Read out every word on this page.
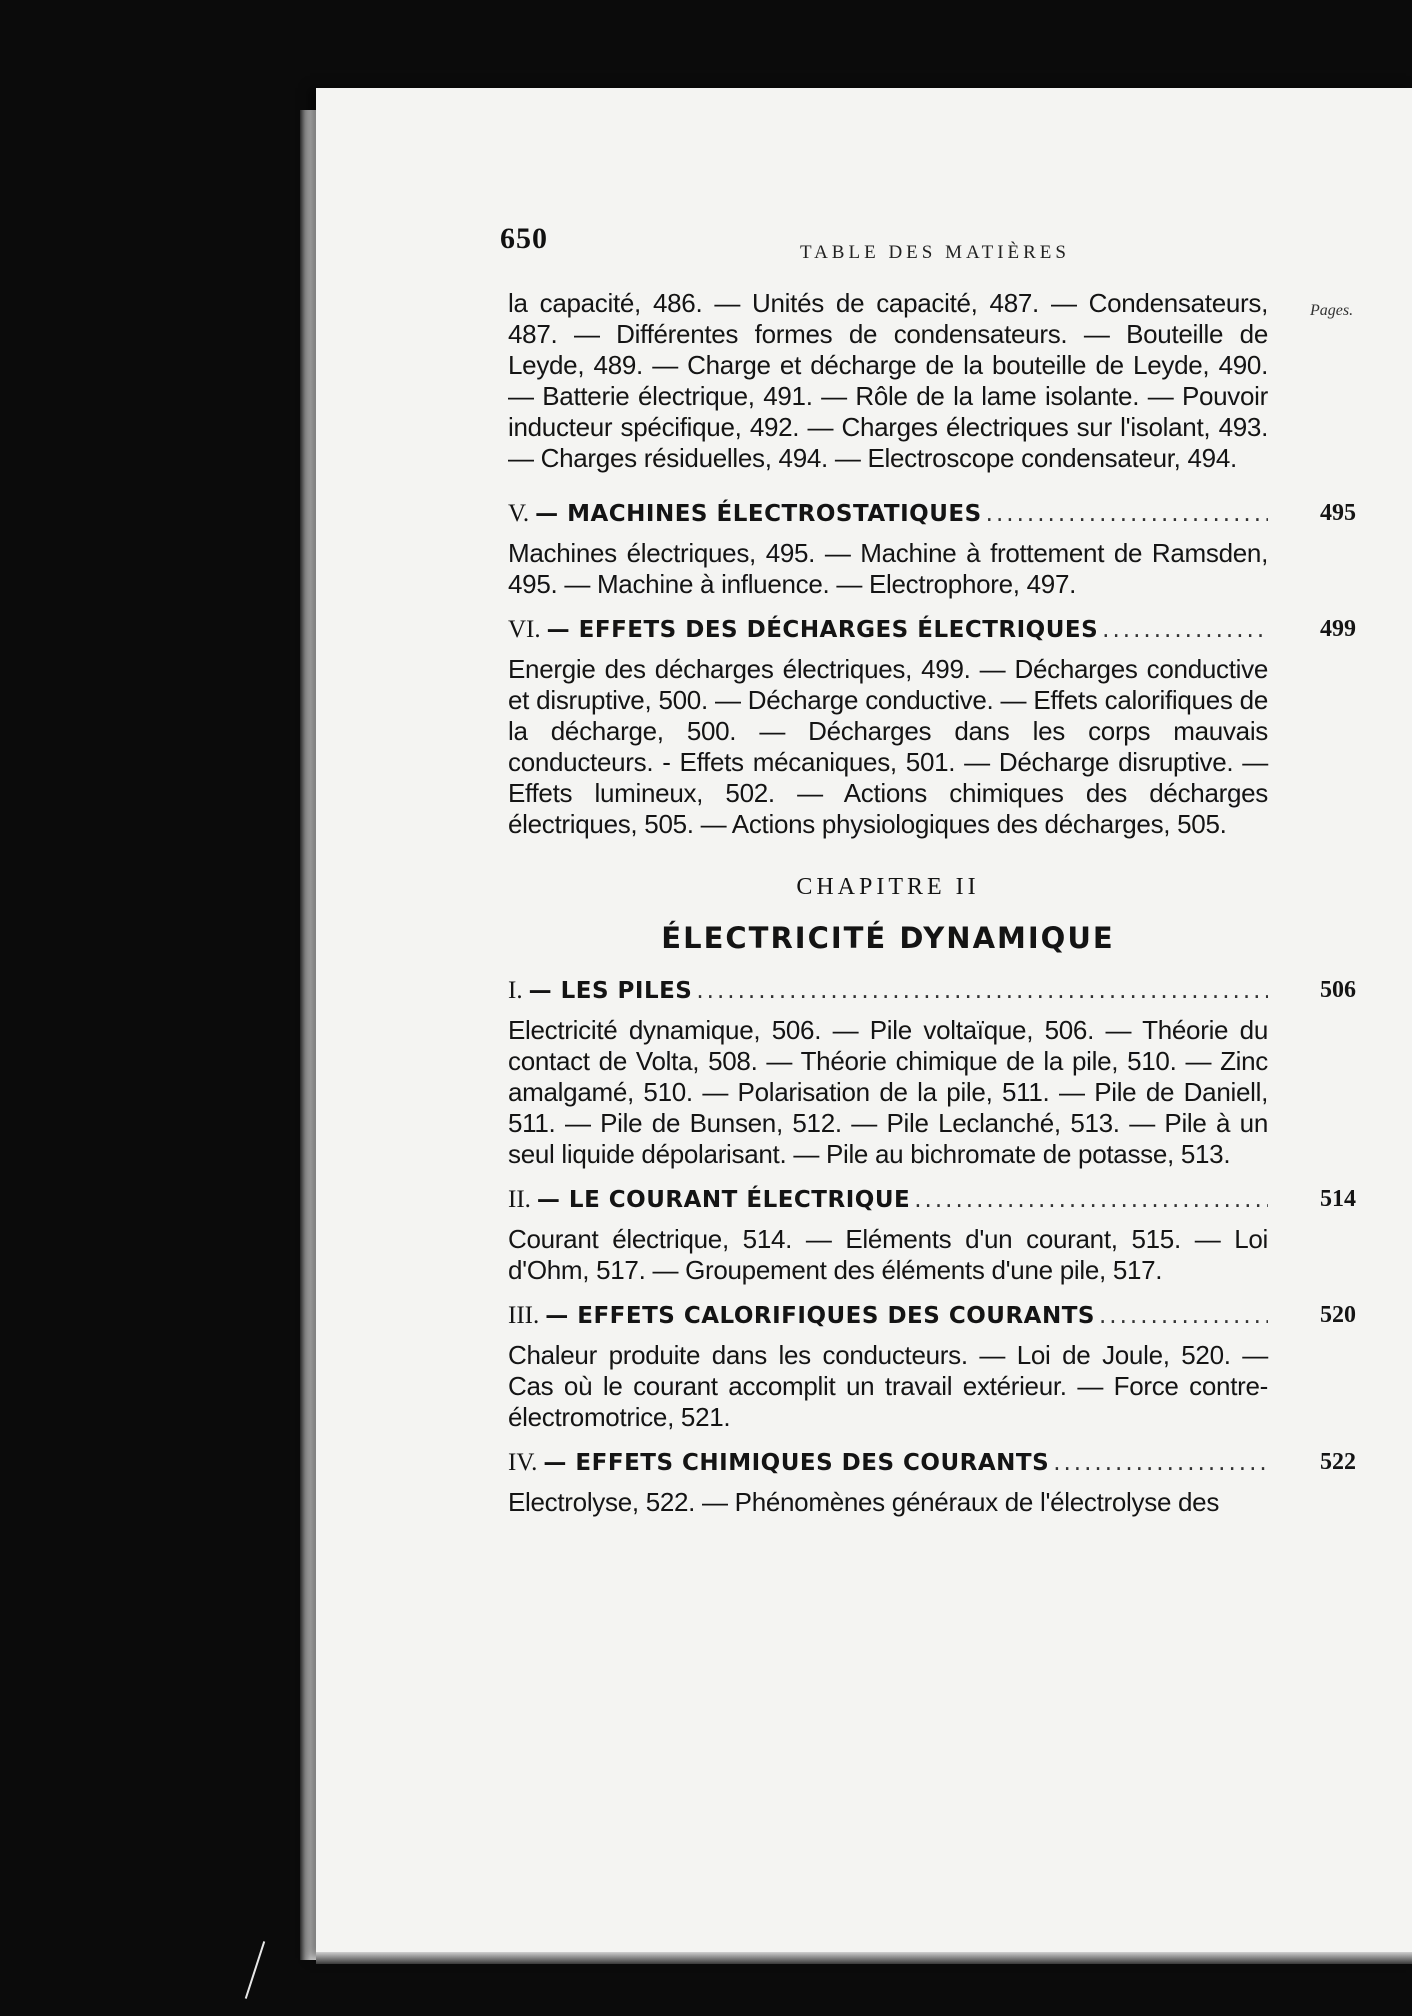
650	TABLE DES MATIÈRES
Pages.

la capacité, 486. — Unités de capacité, 487. — Condensateurs, 487. — Différentes formes de condensateurs. — Bouteille de Leyde, 489. — Charge et décharge de la bouteille de Leyde, 490. — Batterie électrique, 491. — Rôle de la lame isolante. — Pouvoir inducteur spécifique, 492. — Charges électriques sur l'isolant, 493. — Charges résiduelles, 494. — Electroscope condensateur, 494.

V. — MACHINES ÉLECTROSTATIQUES .....	495

Machines électriques, 495. — Machine à frottement de Ramsden, 495. — Machine à influence. — Electrophore, 497.

VI. — EFFETS DES DÉCHARGES ÉLECTRIQUES .....	499

Energie des décharges électriques, 499. — Décharges conductive et disruptive, 500. — Décharge conductive. — Effets calorifiques de la décharge, 500. — Décharges dans les corps mauvais conducteurs. - Effets mécaniques, 501. — Décharge disruptive. — Effets lumineux, 502. — Actions chimiques des décharges électriques, 505. — Actions physiologiques des décharges, 505.

CHAPITRE II
ÉLECTRICITÉ DYNAMIQUE
I. — LES PILES .....	506

Electricité dynamique, 506. — Pile voltaïque, 506. — Théorie du contact de Volta, 508. — Théorie chimique de la pile, 510. — Zinc amalgamé, 510. — Polarisation de la pile, 511. — Pile de Daniell, 511. — Pile de Bunsen, 512. — Pile Leclanché, 513. — Pile à un seul liquide dépolarisant. — Pile au bichromate de potasse, 513.

II. — LE COURANT ÉLECTRIQUE .....	514

Courant électrique, 514. — Eléments d'un courant, 515. — Loi d'Ohm, 517. — Groupement des éléments d'une pile, 517.

III. — EFFETS CALORIFIQUES DES COURANTS .....	520

Chaleur produite dans les conducteurs. — Loi de Joule, 520. — Cas où le courant accomplit un travail extérieur. — Force contre-électromotrice, 521.

IV. — EFFETS CHIMIQUES DES COURANTS .....	522

Electrolyse, 522. — Phénomènes généraux de l'électrolyse des
